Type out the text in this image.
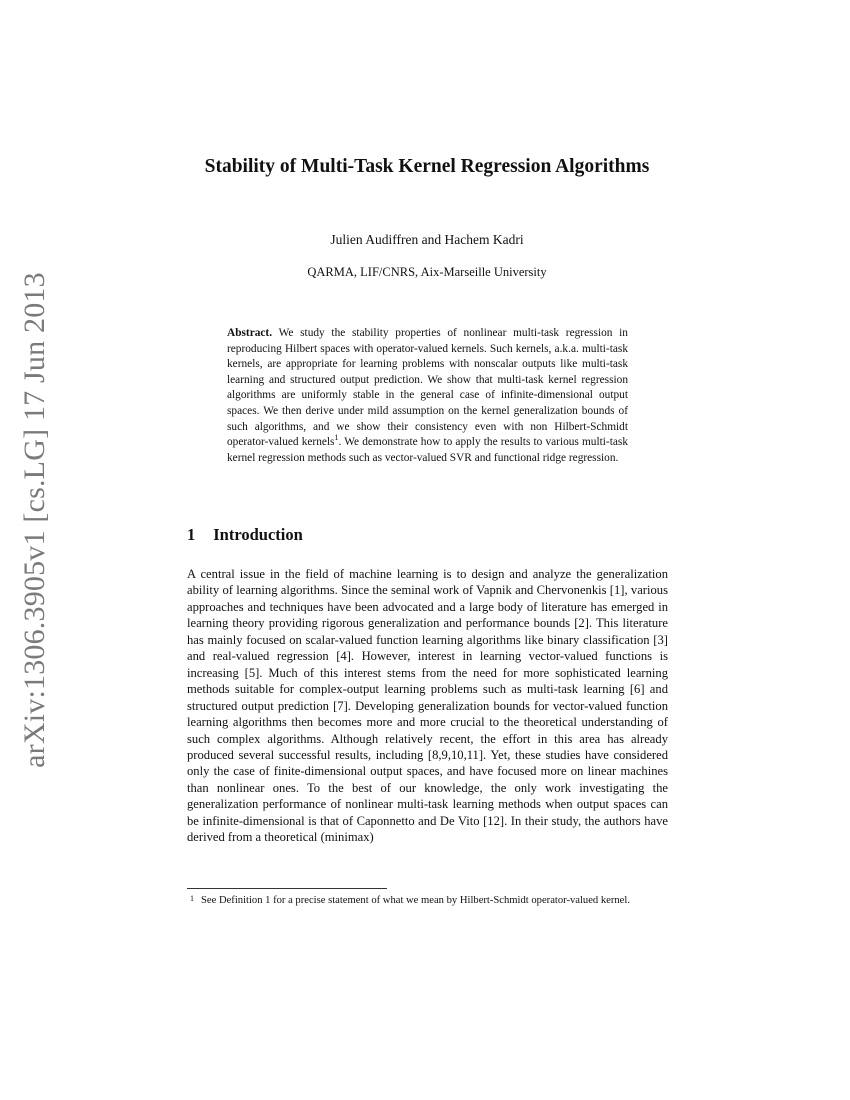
arXiv:1306.3905v1 [cs.LG] 17 Jun 2013
Stability of Multi-Task Kernel Regression Algorithms
Julien Audiffren and Hachem Kadri
QARMA, LIF/CNRS, Aix-Marseille University

Abstract. We study the stability properties of nonlinear multi-task regression in reproducing Hilbert spaces with operator-valued kernels. Such kernels, a.k.a. multi-task kernels, are appropriate for learning problems with nonscalar outputs like multi-task learning and structured output prediction. We show that multi-task kernel regression algorithms are uniformly stable in the general case of infinite-dimensional output spaces. We then derive under mild assumption on the kernel generalization bounds of such algorithms, and we show their consistency even with non Hilbert-Schmidt operator-valued kernels$^1$. We demonstrate how to apply the results to various multi-task kernel regression methods such as vector-valued SVR and functional ridge regression.

1 Introduction

A central issue in the field of machine learning is to design and analyze the generalization ability of learning algorithms. Since the seminal work of Vapnik and Chervonenkis [1], various approaches and techniques have been advocated and a large body of literature has emerged in learning theory providing rigorous generalization and performance bounds [2]. This literature has mainly focused on scalar-valued function learning algorithms like binary classification [3] and real-valued regression [4]. However, interest in learning vector-valued functions is increasing [5]. Much of this interest stems from the need for more sophisticated learning methods suitable for complex-output learning problems such as multi-task learning [6] and structured output prediction [7]. Developing generalization bounds for vector-valued function learning algorithms then becomes more and more crucial to the theoretical understanding of such complex algorithms. Although relatively recent, the effort in this area has already produced several successful results, including [8,9,10,11]. Yet, these studies have considered only the case of finite-dimensional output spaces, and have focused more on linear machines than nonlinear ones. To the best of our knowledge, the only work investigating the generalization performance of nonlinear multi-task learning methods when output spaces can be infinite-dimensional is that of Caponnetto and De Vito [12]. In their study, the authors have derived from a theoretical (minimax)

1 See Definition 1 for a precise statement of what we mean by Hilbert-Schmidt operator-valued kernel.
